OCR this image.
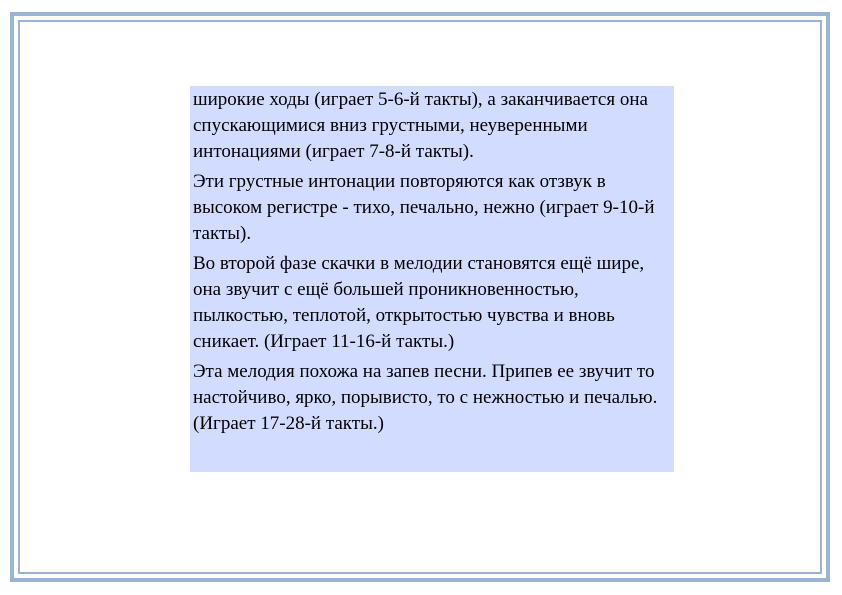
широкие ходы (играет 5-6-й такты), а заканчивается она спускающимися вниз грустными, неуверенными интонациями (играет 7-8-й такты).

Эти грустные интонации повторяются как отзвук в высоком регистре - тихо, печально, нежно (играет 9-10-й такты).

Во второй фазе скачки в мелодии становятся ещё шире, она звучит с ещё большей проникновенностью, пылкостью, теплотой, открытостью чувства и вновь сникает. (Играет 11-16-й такты.)

Эта мелодия похожа на запев песни. Припев ее звучит то настойчиво, ярко, порывисто, то с нежностью и печалью. (Играет 17-28-й такты.)
